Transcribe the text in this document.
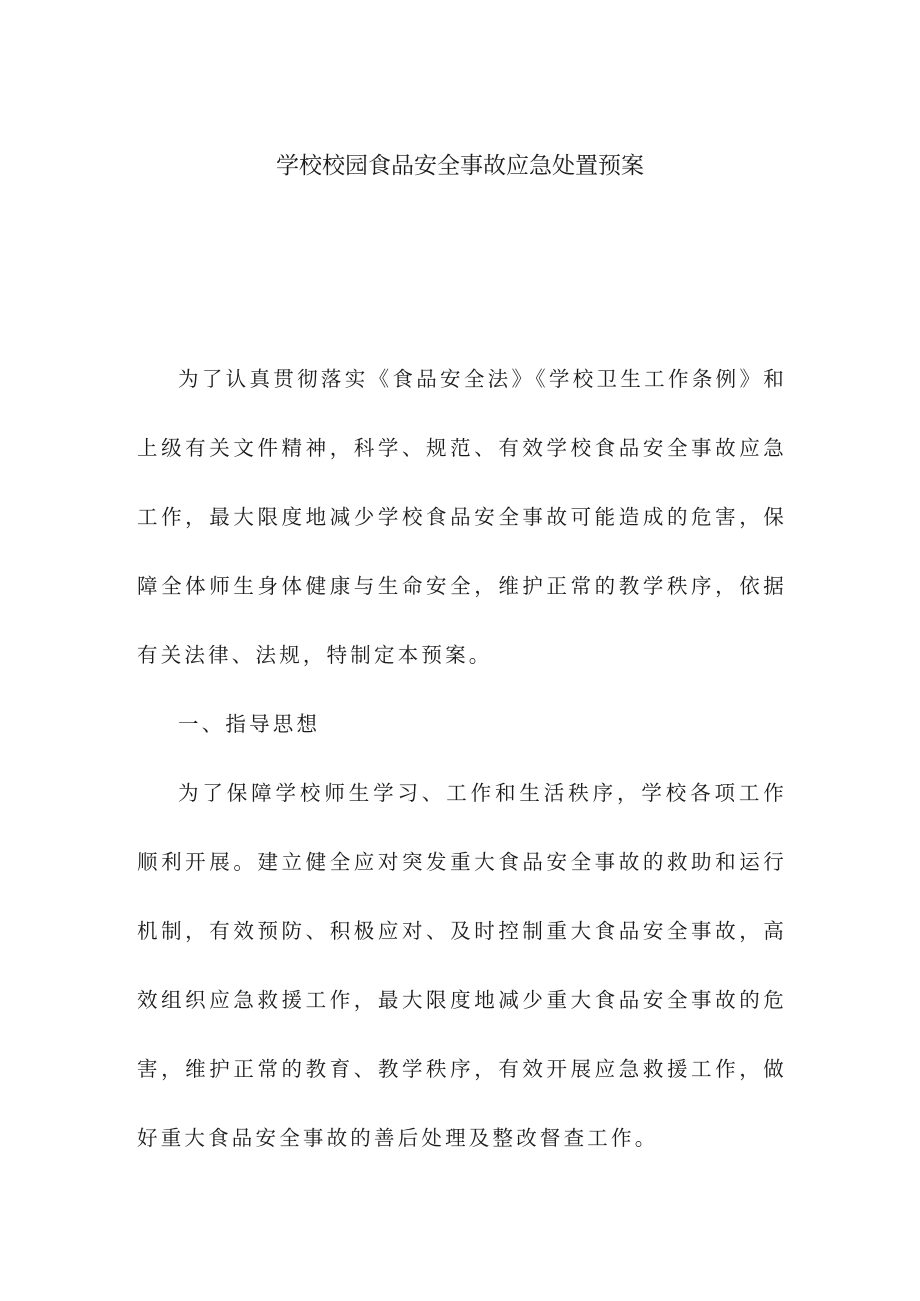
学校校园食品安全事故应急处置预案

为了认真贯彻落实《食品安全法》《学校卫生工作条例》和上级有关文件精神，科学、规范、有效学校食品安全事故应急工作，最大限度地减少学校食品安全事故可能造成的危害，保障全体师生身体健康与生命安全，维护正常的教学秩序，依据有关法律、法规，特制定本预案。

一、指导思想

为了保障学校师生学习、工作和生活秩序，学校各项工作顺利开展。建立健全应对突发重大食品安全事故的救助和运行机制，有效预防、积极应对、及时控制重大食品安全事故，高效组织应急救援工作，最大限度地减少重大食品安全事故的危害，维护正常的教育、教学秩序，有效开展应急救援工作，做好重大食品安全事故的善后处理及整改督查工作。
